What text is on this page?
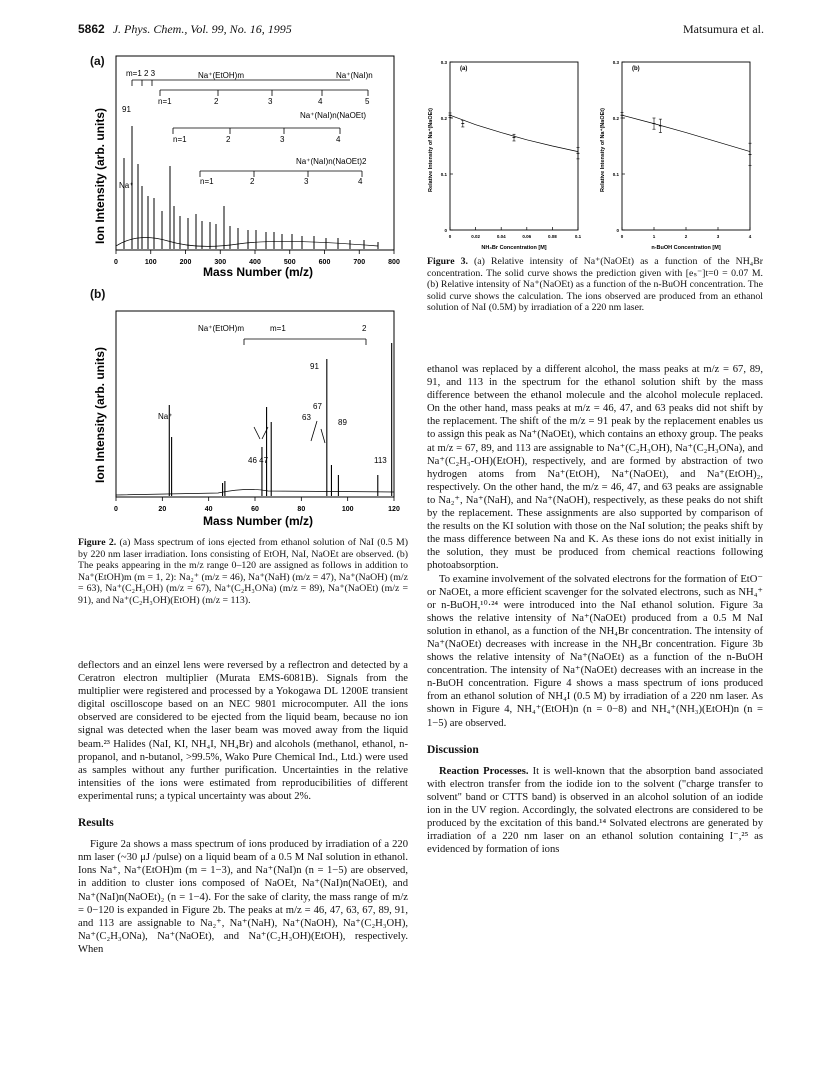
5862 J. Phys. Chem., Vol. 99, No. 16, 1995	Matsumura et al.
(a)
Ion Intensity (arb. units)
Mass Number (m/z)
0	100	200	300	400	500	600	700	800
m=1 2 3	Na⁺(EtOH)m	Na⁺(NaI)n
n=1	2	3	4	5
91
Na⁺(NaI)n(NaOEt)
n=1	2	3	4
Na⁺(NaI)n(NaOEt)2
n=1	2	3	4
Na⁺
(b)
Ion Intensity (arb. units)
Mass Number (m/z)
0	20	40	60	80	100	120
Na⁺(EtOH)m	m=1	2
91
Na⁺
67
63
89
46 47	113
Figure 2. (a) Mass spectrum of ions ejected from ethanol solution of NaI (0.5 M) by 220 nm laser irradiation. Ions consisting of EtOH, NaI, NaOEt are observed. (b) The peaks appearing in the m/z range 0–120 are assigned as follows in addition to Na⁺(EtOH)m (m = 1, 2): Na₂⁺ (m/z = 46), Na⁺(NaH) (m/z = 47), Na⁺(NaOH) (m/z = 63), Na⁺(C₂H₃OH) (m/z = 67), Na⁺(C₂H₃ONa) (m/z = 89), Na⁺(NaOEt) (m/z = 91), and Na⁺(C₂H₃OH)(EtOH) (m/z = 113).
(a)
Relative Intensity of Na⁺(NaOEt)
NH₄Br Concentration [M]
0
0.1
0.2
0.3
0	0.02	0.04	0.06	0.08	0.1
(b)
Relative Intensity of Na⁺(NaOEt)
n-BuOH Concentration [M]
0
0.1
0.2
0.3
0	1	2	3	4
Figure 3. (a) Relative intensity of Na⁺(NaOEt) as a function of the NH₄Br concentration. The solid curve shows the prediction given with [eₛ⁻]t=0 = 0.07 M. (b) Relative intensity of Na⁺(NaOEt) as a function of the n-BuOH concentration. The solid curve shows the calculation. The ions observed are produced from an ethanol solution of NaI (0.5M) by irradiation of a 220 nm laser.

deflectors and an einzel lens were reversed by a reflectron and detected by a Ceratron electron multiplier (Murata EMS-6081B). Signals from the multiplier were registered and processed by a Yokogawa DL 1200E transient digital oscilloscope based on an NEC 9801 microcomputer. All the ions observed are considered to be ejected from the liquid beam, because no ion signal was detected when the laser beam was moved away from the liquid beam.²³ Halides (NaI, KI, NH₄I, NH₄Br) and alcohols (methanol, ethanol, n-propanol, and n-butanol, >99.5%, Wako Pure Chemical Ind., Ltd.) were used as samples without any further purification. Uncertainties in the relative intensities of the ions were estimated from reproducibilities of different experimental runs; a typical uncertainty was about 2%.

Results

Figure 2a shows a mass spectrum of ions produced by irradiation of a 220 nm laser (~30 μJ /pulse) on a liquid beam of a 0.5 M NaI solution in ethanol. Ions Na⁺, Na⁺(EtOH)m (m = 1−3), and Na⁺(NaI)n (n = 1−5) are observed, in addition to cluster ions composed of NaOEt, Na⁺(NaI)n(NaOEt), and Na⁺(NaI)n(NaOEt)₂ (n = 1−4). For the sake of clarity, the mass range of m/z = 0−120 is expanded in Figure 2b. The peaks at m/z = 46, 47, 63, 67, 89, 91, and 113 are assignable to Na₂⁺, Na⁺(NaH), Na⁺(NaOH), Na⁺(C₂H₃OH), Na⁺(C₂H₃ONa), Na⁺(NaOEt), and Na⁺(C₂H₃OH)(EtOH), respectively. When

ethanol was replaced by a different alcohol, the mass peaks at m/z = 67, 89, 91, and 113 in the spectrum for the ethanol solution shift by the mass difference between the ethanol molecule and the alcohol molecule replaced. On the other hand, mass peaks at m/z = 46, 47, and 63 peaks did not shift by the replacement. The shift of the m/z = 91 peak by the replacement enables us to assign this peak as Na⁺(NaOEt), which contains an ethoxy group. The peaks at m/z = 67, 89, and 113 are assignable to Na⁺(C₂H₃OH), Na⁺(C₂H₃ONa), and Na⁺(C₂H₃-OH)(EtOH), respectively, and are formed by abstraction of two hydrogen atoms from Na⁺(EtOH), Na⁺(NaOEt), and Na⁺(EtOH)₂, respectively. On the other hand, the m/z = 46, 47, and 63 peaks are assignable to Na₂⁺, Na⁺(NaH), and Na⁺(NaOH), respectively, as these peaks do not shift by the replacement. These assignments are also supported by comparison of the results on the KI solution with those on the NaI solution; the peaks shift by the mass difference between Na and K. As these ions do not exist initially in the solution, they must be produced from chemical reactions following photoabsorption.

To examine involvement of the solvated electrons for the formation of EtO⁻ or NaOEt, a more efficient scavenger for the solvated electrons, such as NH₄⁺ or n-BuOH,¹⁰·²⁴ were introduced into the NaI ethanol solution. Figure 3a shows the relative intensity of Na⁺(NaOEt) produced from a 0.5 M NaI solution in ethanol, as a function of the NH₄Br concentration. The intensity of Na⁺(NaOEt) decreases with increase in the NH₄Br concentration. Figure 3b shows the relative intensity of Na⁺(NaOEt) as a function of the n-BuOH concentration. The intensity of Na⁺(NaOEt) decreases with an increase in the n-BuOH concentration. Figure 4 shows a mass spectrum of ions produced from an ethanol solution of NH₄I (0.5 M) by irradiation of a 220 nm laser. As shown in Figure 4, NH₄⁺(EtOH)n (n = 0−8) and NH₄⁺(NH₃)(EtOH)n (n = 1−5) are observed.

Discussion

Reaction Processes. It is well-known that the absorption band associated with electron transfer from the iodide ion to the solvent ("charge transfer to solvent" band or CTTS band) is observed in an alcohol solution of an iodide ion in the UV region. Accordingly, the solvated electrons are considered to be produced by the excitation of this band.¹⁴ Solvated electrons are generated by irradiation of a 220 nm laser on an ethanol solution containing I⁻,²⁵ as evidenced by formation of ions
